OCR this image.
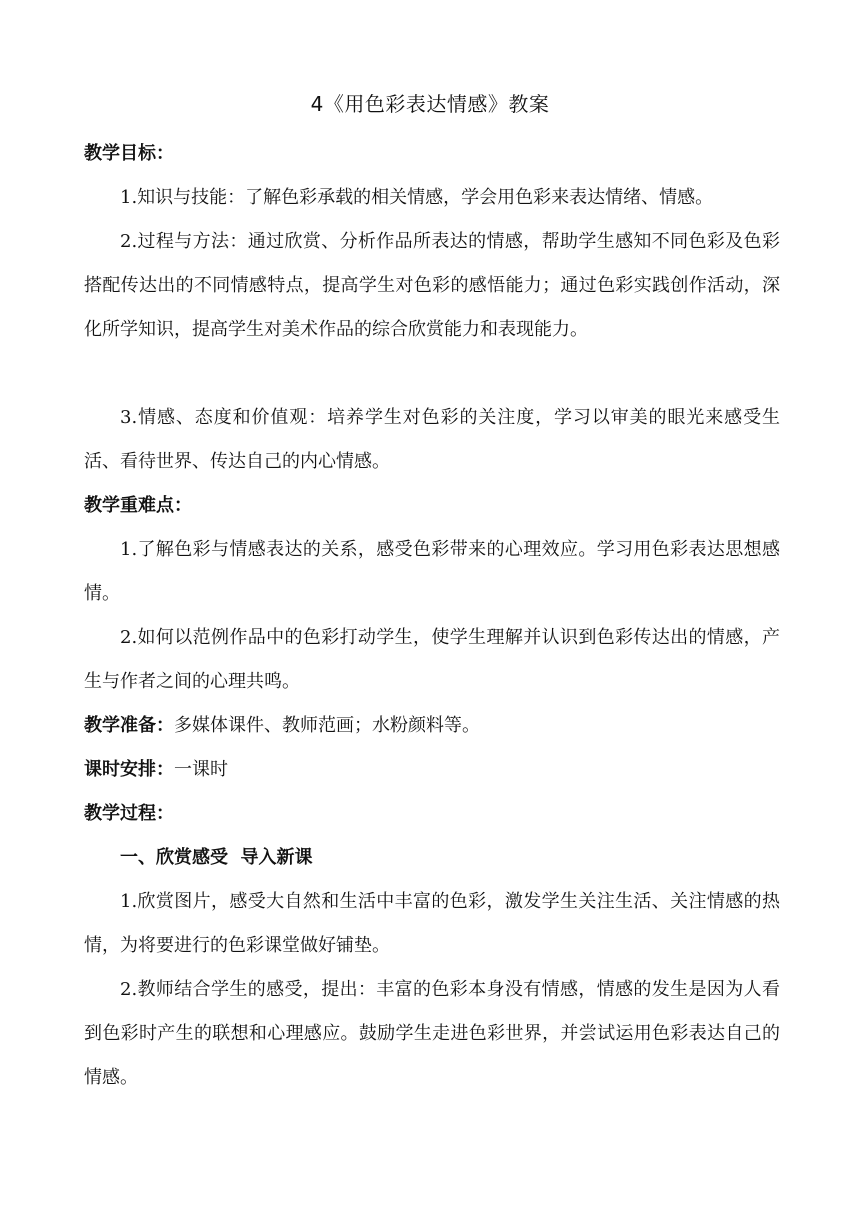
4《用色彩表达情感》教案

教学目标：

1.知识与技能：了解色彩承载的相关情感，学会用色彩来表达情绪、情感。

2.过程与方法：通过欣赏、分析作品所表达的情感，帮助学生感知不同色彩及色彩搭配传达出的不同情感特点，提高学生对色彩的感悟能力；通过色彩实践创作活动，深化所学知识，提高学生对美术作品的综合欣赏能力和表现能力。

3.情感、态度和价值观：培养学生对色彩的关注度，学习以审美的眼光来感受生活、看待世界、传达自己的内心情感。

教学重难点：

1.了解色彩与情感表达的关系，感受色彩带来的心理效应。学习用色彩表达思想感情。

2.如何以范例作品中的色彩打动学生，使学生理解并认识到色彩传达出的情感，产生与作者之间的心理共鸣。

教学准备：多媒体课件、教师范画；水粉颜料等。

课时安排：一课时

教学过程：

一、欣赏感受  导入新课

1.欣赏图片，感受大自然和生活中丰富的色彩，激发学生关注生活、关注情感的热情，为将要进行的色彩课堂做好铺垫。

2.教师结合学生的感受，提出：丰富的色彩本身没有情感，情感的发生是因为人看到色彩时产生的联想和心理感应。鼓励学生走进色彩世界，并尝试运用色彩表达自己的情感。
